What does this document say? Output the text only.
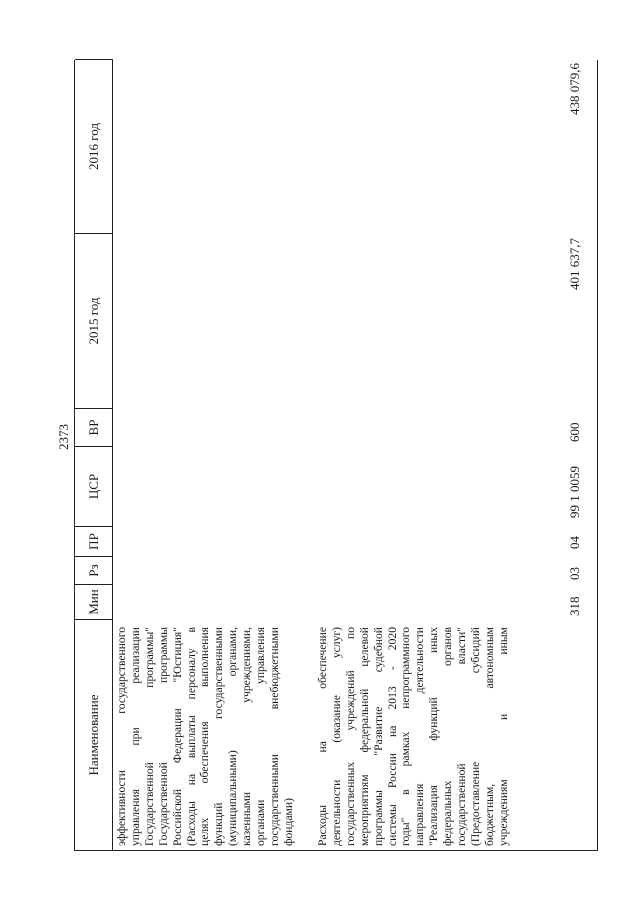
2373
Наименование
Мин
Рз
ПР
ЦСР
ВР
2015 год
2016 год
эффективности государственного управления при реализации Государственной программы" Государственной программы Российской Федерации "Юстиция" (Расходы на выплаты персоналу в целях обеспечения выполнения функций государственными (муниципальными) органами, казенными учреждениями, органами управления государственными внебюджетными фондами) Расходы на обеспечение деятельности (оказание услуг) государственных учреждений по мероприятиям федеральной целевой программы "Развитие судебной системы России на 2013 - 2020 годы" в рамках непрограммного направления деятельности "Реализация функций иных федеральных органов государственной власти" (Предоставление субсидий бюджетным, автономным учреждениям и иным
318
03
04
99 1 0059
600
401 637,7
438 079,6
